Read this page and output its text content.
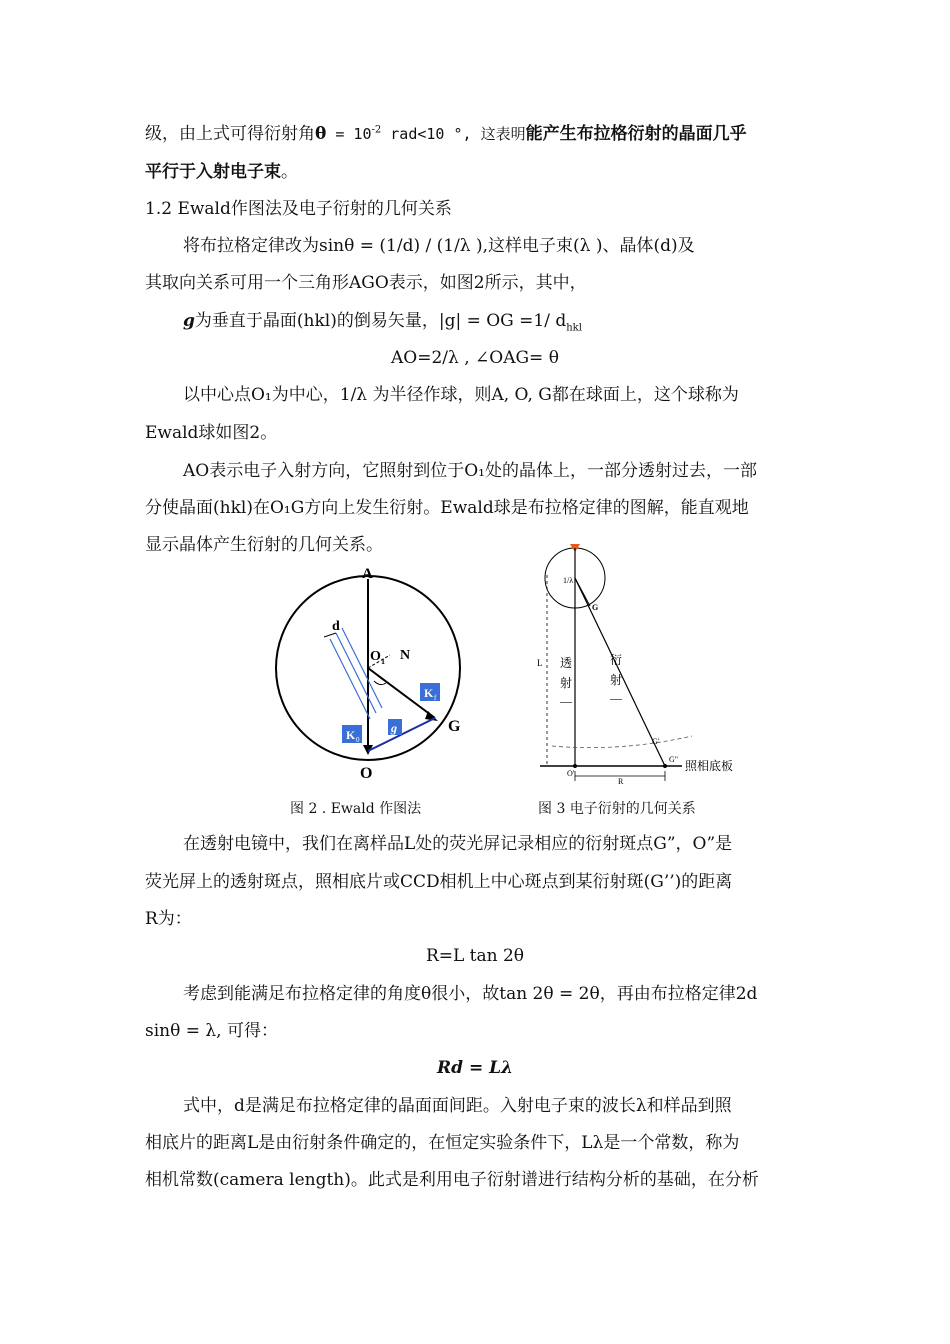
级，由上式可得衍射角$\theta = 10^{-2}$ rad<10 °, 这表明能产生布拉格衍射的晶面几乎
平行于入射电子束。
1.2 Ewald作图法及电子衍射的几何关系
将布拉格定律改为sinθ = (1/d) / (1/λ ),这样电子束(λ )、晶体(d)及
其取向关系可用一个三角形AGO表示，如图2所示，其中，
g为垂直于晶面(hkl)的倒易矢量，|g| = OG =1/ $d_{hkl}$
AO=2/λ , ∠OAG= θ
以中心点O₁为中心，1/λ 为半径作球，则A, O, G都在球面上，这个球称为
Ewald球如图2。
AO表示电子入射方向，它照射到位于O₁处的晶体上，一部分透射过去，一部
分使晶面(hkl)在O₁G方向上发生衍射。Ewald球是布拉格定律的图解，能直观地
显示晶体产生衍射的几何关系。
K f
K 0
g
A
O
O 1 N
G
d
1/λ
G
L 透
射
—
衍
射
—
G'
G"
O'
R
照相底板
图 2 . Ewald 作图法	图 3 电子衍射的几何关系
在透射电镜中，我们在离样品L处的荧光屏记录相应的衍射斑点G”，O”是
荧光屏上的透射斑点，照相底片或CCD相机上中心斑点到某衍射斑(G’’)的距离
R为：
R=L tan 2θ
考虑到能满足布拉格定律的角度θ很小，故tan 2θ = 2θ，再由布拉格定律2d
sinθ = λ, 可得：
Rd = Lλ
式中，d是满足布拉格定律的晶面面间距。入射电子束的波长λ和样品到照
相底片的距离L是由衍射条件确定的，在恒定实验条件下，Lλ是一个常数，称为
相机常数(camera length)。此式是利用电子衍射谱进行结构分析的基础，在分析
